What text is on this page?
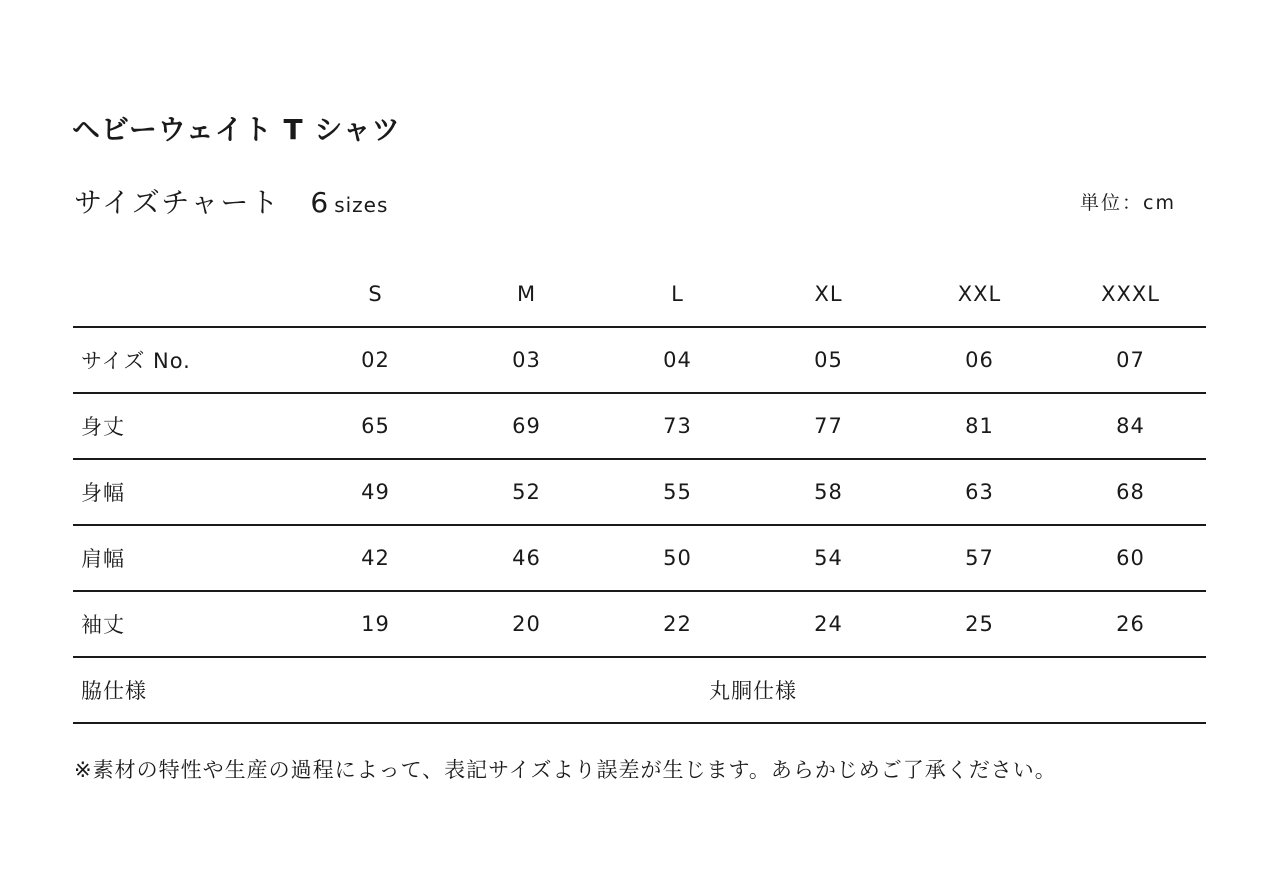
ヘビーウェイト T シャツ
サイズチャート 6 sizes	単位：cm
	S	M	L	XL	XXL	XXXL
サイズ No.	02	03	04	05	06	07
身丈	65	69	73	77	81	84
身幅	49	52	55	58	63	68
肩幅	42	46	50	54	57	60
袖丈	19	20	22	24	25	26
脇仕様	丸胴仕様					
※素材の特性や生産の過程によって、表記サイズより誤差が生じます。あらかじめご了承ください。
